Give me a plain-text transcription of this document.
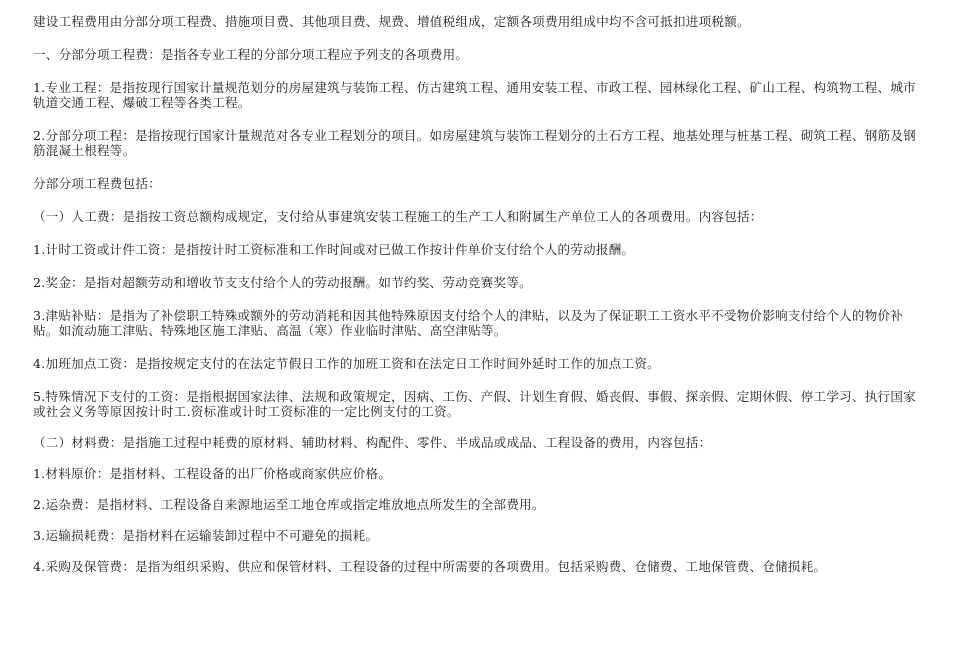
建设工程费用由分部分项工程费、措施项目费、其他项目费、规费、增值税组成，定额各项费用组成中均不含可抵扣进项税额。

一、分部分项工程费：是指各专业工程的分部分项工程应予列支的各项费用。

1.专业工程：是指按现行国家计量规范划分的房屋建筑与装饰工程、仿古建筑工程、通用安装工程、市政工程、园林绿化工程、矿山工程、构筑物工程、城市轨道交通工程、爆破工程等各类工程。

2.分部分项工程：是指按现行国家计量规范对各专业工程划分的项目。如房屋建筑与装饰工程划分的土石方工程、地基处理与桩基工程、砌筑工程、钢筋及钢筋混凝土根程等。

分部分项工程费包括：

（一）人工费：是指按工资总额构成规定，支付给从事建筑安装工程施工的生产工人和附属生产单位工人的各项费用。内容包括：

1.计时工资或计件工资：是指按计时工资标准和工作时间或对已做工作按计件单价支付给个人的劳动报酬。

2.奖金：是指对超额劳动和增收节支支付给个人的劳动报酬。如节约奖、劳动竞赛奖等。

3.津贴补贴：是指为了补偿职工特殊或额外的劳动消耗和因其他特殊原因支付给个人的津贴，以及为了保证职工工资水平不受物价影响支付给个人的物价补贴。如流动施工津贴、特殊地区施工津贴、高温（寒）作业临时津贴、高空津贴等。

4.加班加点工资：是指按规定支付的在法定节假日工作的加班工资和在法定日工作时间外延时工作的加点工资。

5.特殊情况下支付的工资：是指根据国家法律、法规和政策规定，因病、工伤、产假、计划生育假、婚丧假、事假、探亲假、定期休假、停工学习、执行国家或社会义务等原因按计时工.资标准或计时工资标准的一定比例支付的工资。

（二）材料费：是指施工过程中耗费的原材料、辅助材料、构配件、零件、半成品或成品、工程设备的费用，内容包括：

1.材料原价：是指材料、工程设备的出厂价格或商家供应价格。

2.运杂费：是指材料、工程设备自来源地运至工地仓库或指定堆放地点所发生的全部费用。

3.运输损耗费：是指材料在运输装卸过程中不可避免的损耗。

4.采购及保管费：是指为组织采购、供应和保管材料、工程设备的过程中所需要的各项费用。包括采购费、仓储费、工地保管费、仓储损耗。
